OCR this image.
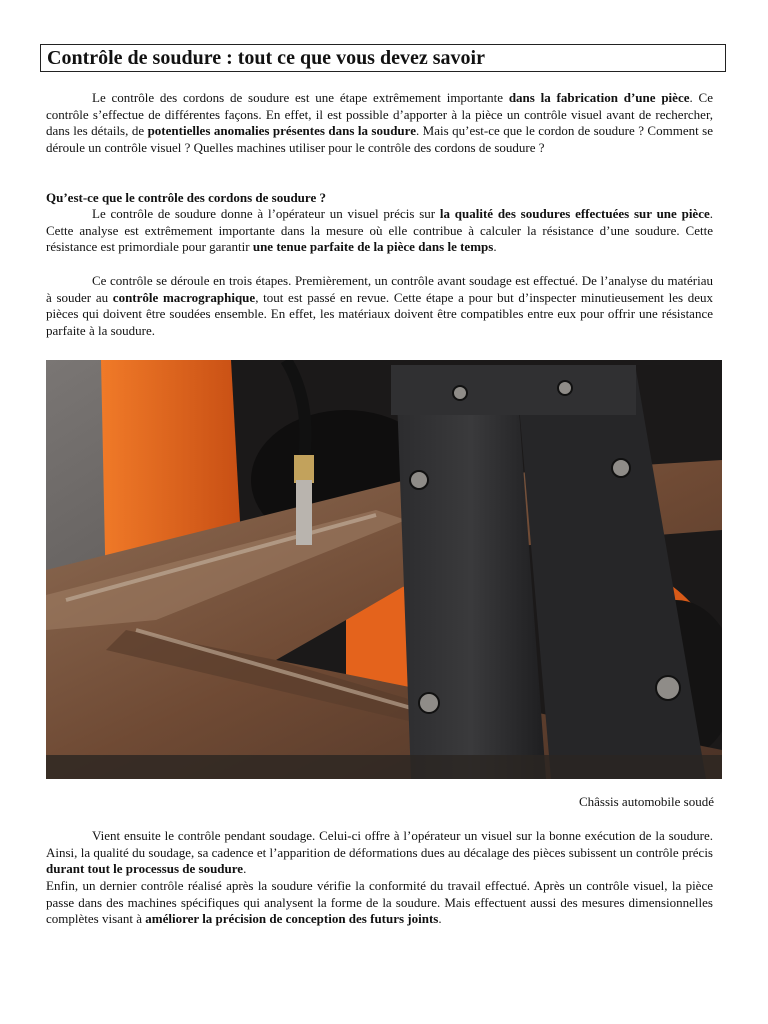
Contrôle de soudure : tout ce que vous devez savoir

Le contrôle des cordons de soudure est une étape extrêmement importante dans la fabrication d’une pièce. Ce contrôle s’effectue de différentes façons. En effet, il est possible d’apporter à la pièce un contrôle visuel avant de rechercher, dans les détails, de potentielles anomalies présentes dans la soudure. Mais qu’est-ce que le cordon de soudure ? Comment se déroule un contrôle visuel ? Quelles machines utiliser pour le contrôle des cordons de soudure ?

Qu’est-ce que le contrôle des cordons de soudure ?

Le contrôle de soudure donne à l’opérateur un visuel précis sur la qualité des soudures effectuées sur une pièce. Cette analyse est extrêmement importante dans la mesure où elle contribue à calculer la résistance d’une soudure. Cette résistance est primordiale pour garantir une tenue parfaite de la pièce dans le temps.

Ce contrôle se déroule en trois étapes. Premièrement, un contrôle avant soudage est effectué. De l’analyse du matériau à souder au contrôle macrographique, tout est passé en revue. Cette étape a pour but d’inspecter minutieusement les deux pièces qui doivent être soudées ensemble. En effet, les matériaux doivent être compatibles entre eux pour offrir une résistance parfaite à la soudure.

Châssis automobile soudé

Vient ensuite le contrôle pendant soudage. Celui-ci offre à l’opérateur un visuel sur la bonne exécution de la soudure. Ainsi, la qualité du soudage, sa cadence et l’apparition de déformations dues au décalage des pièces subissent un contrôle précis durant tout le processus de soudure.

Enfin, un dernier contrôle réalisé après la soudure vérifie la conformité du travail effectué. Après un contrôle visuel, la pièce passe dans des machines spécifiques qui analysent la forme de la soudure. Mais effectuent aussi des mesures dimensionnelles complètes visant à améliorer la précision de conception des futurs joints.
